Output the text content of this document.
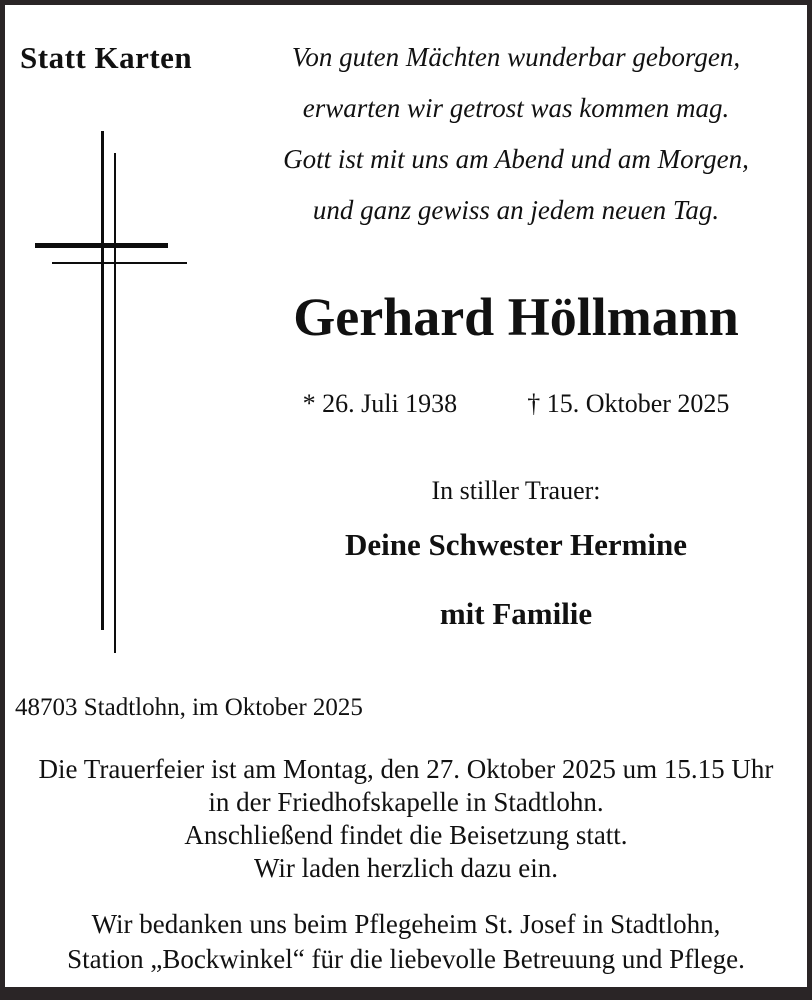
Statt Karten	Von guten Mächten wunderbar geborgen,
erwarten wir getrost was kommen mag.
Gott ist mit uns am Abend und am Morgen,
und ganz gewiss an jedem neuen Tag.
Gerhard Höllmann
* 26. Juli 1938	† 15. Oktober 2025
In stiller Trauer:
Deine Schwester Hermine
mit Familie
48703 Stadtlohn, im Oktober 2025
Die Trauerfeier ist am Montag, den 27. Oktober 2025 um 15.15 Uhr
in der Friedhofskapelle in Stadtlohn.
Anschließend findet die Beisetzung statt.
Wir laden herzlich dazu ein.
Wir bedanken uns beim Pflegeheim St. Josef in Stadtlohn,
Station „Bockwinkel“ für die liebevolle Betreuung und Pflege.
